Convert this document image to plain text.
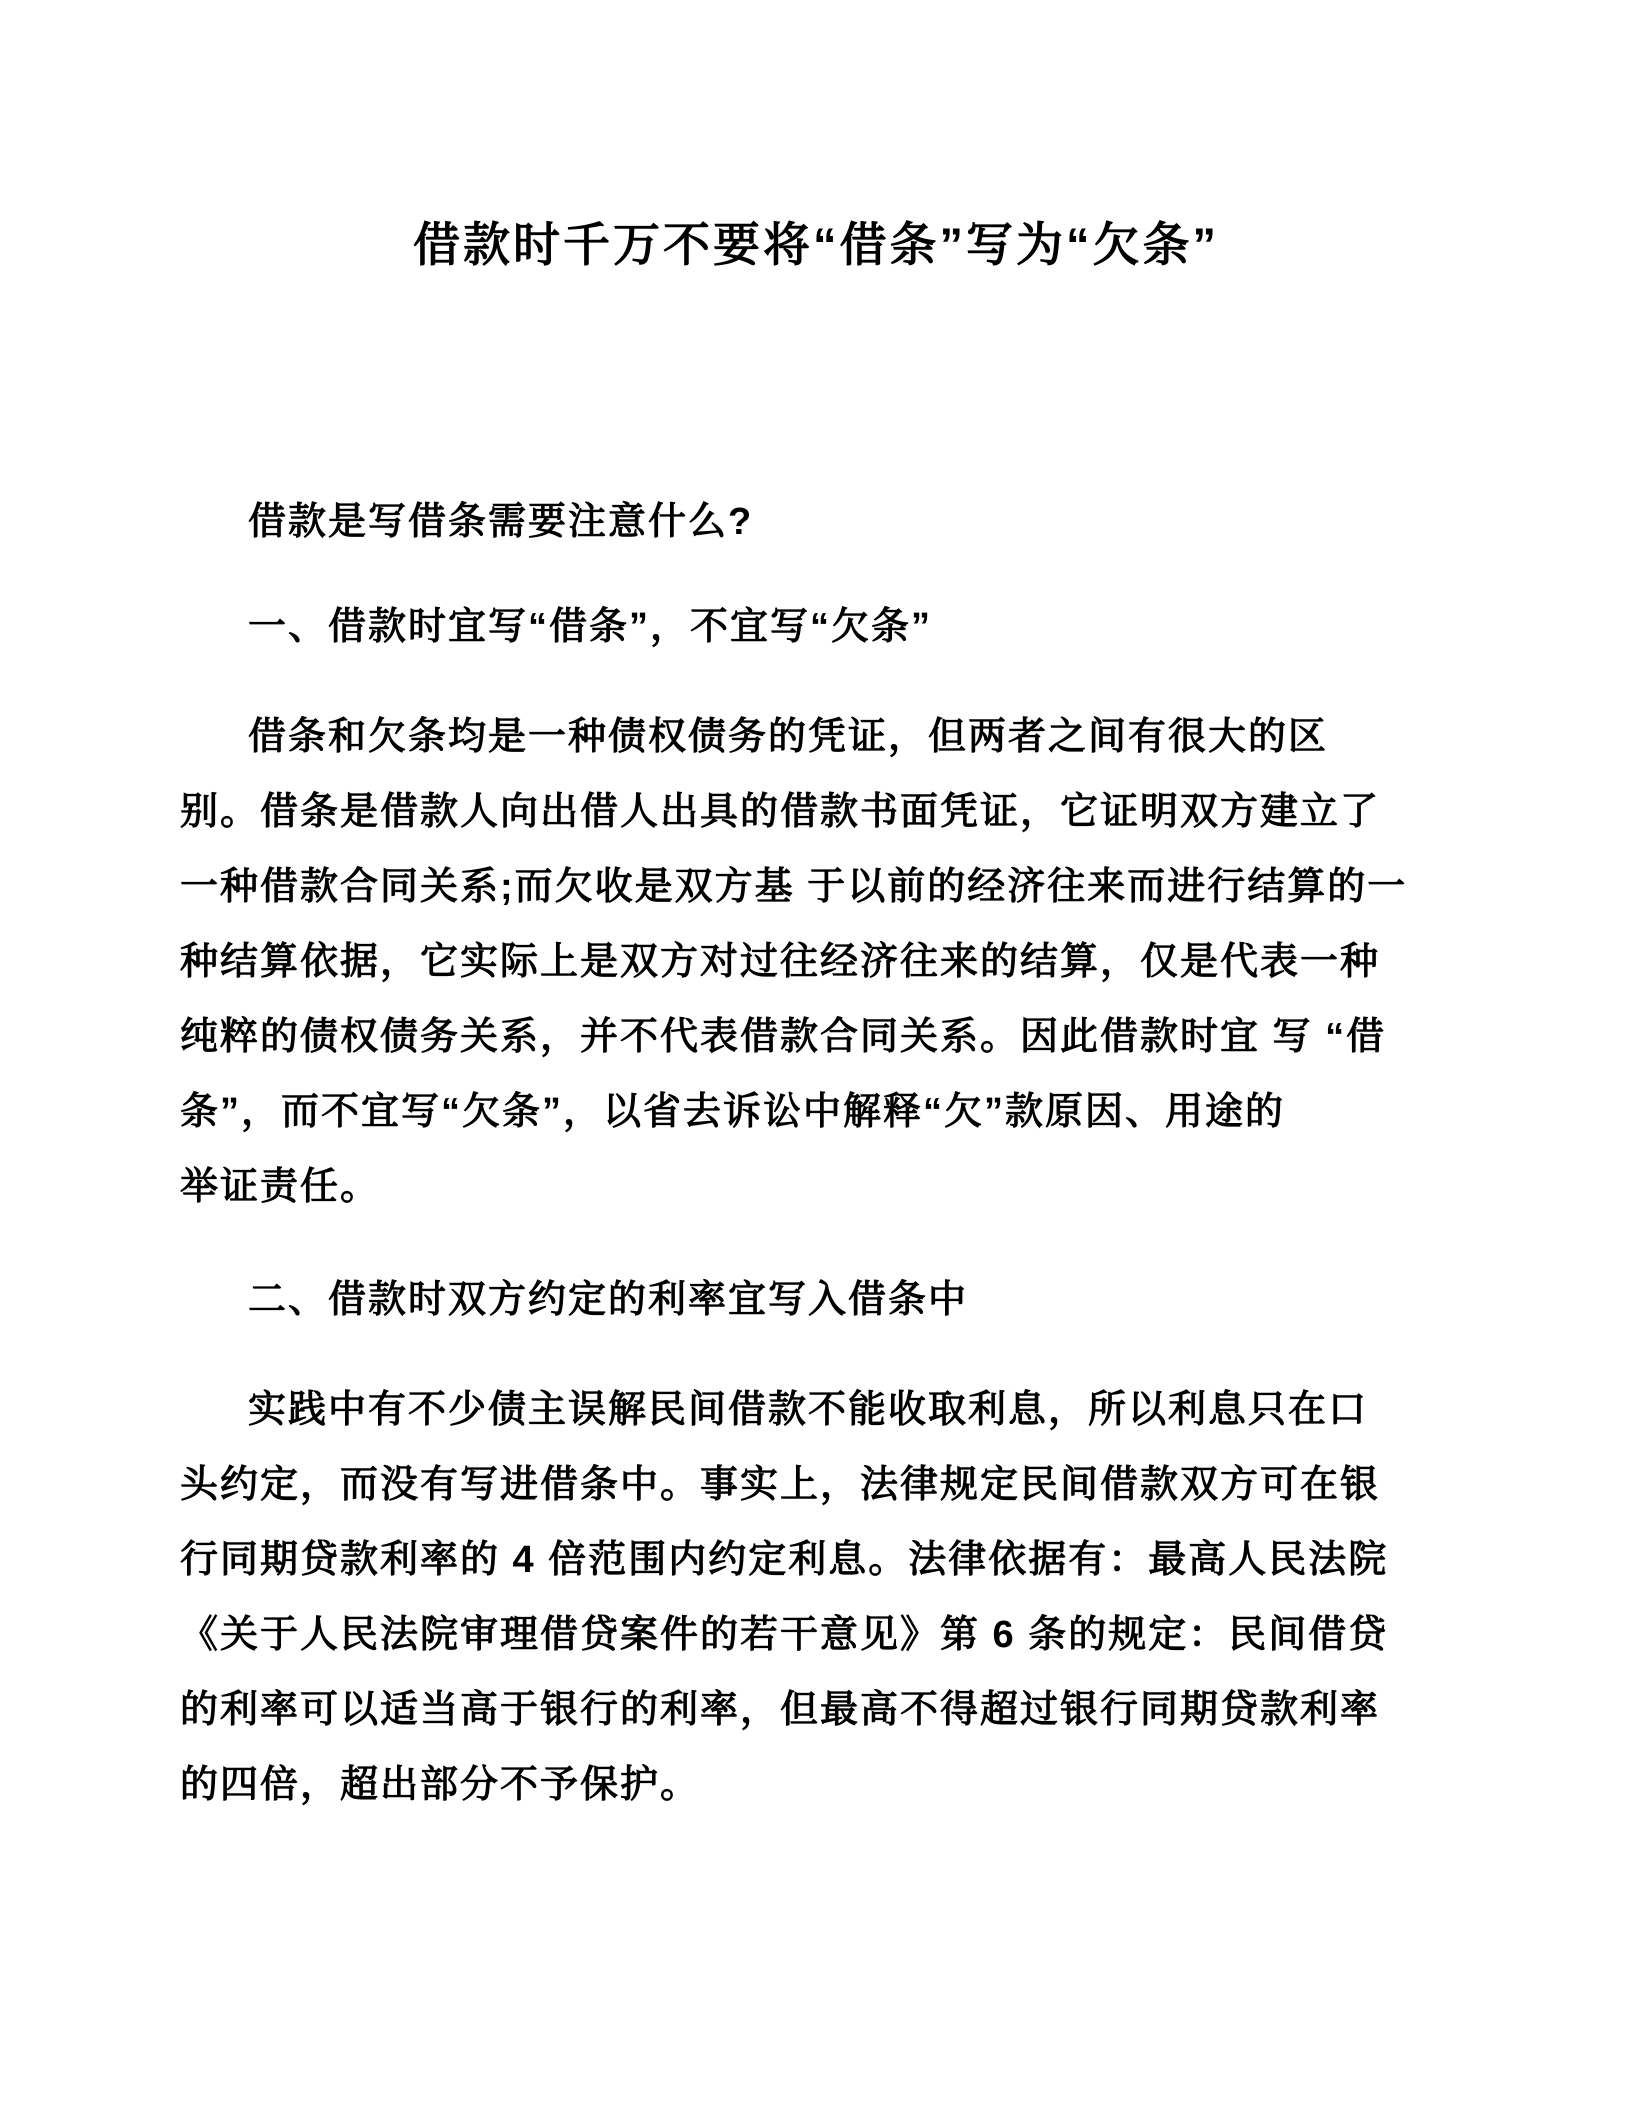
借款时千万不要将“借条”写为“欠条”

借款是写借条需要注意什么?

一、借款时宜写“借条”，不宜写“欠条”

借条和欠条均是一种债权债务的凭证，但两者之间有很大的区

别。借条是借款人向出借人出具的借款书面凭证，它证明双方建立了

一种借款合同关系;而欠收是双方基 于以前的经济往来而进行结算的一

种结算依据，它实际上是双方对过往经济往来的结算，仅是代表一种

纯粹的债权债务关系，并不代表借款合同关系。因此借款时宜 写 “借

条”，而不宜写“欠条”，以省去诉讼中解释“欠”款原因、用途的

举证责任。

二、借款时双方约定的利率宜写入借条中

实践中有不少债主误解民间借款不能收取利息，所以利息只在口

头约定，而没有写进借条中。事实上，法律规定民间借款双方可在银

行同期贷款利率的 4 倍范围内约定利息。法律依据有：最高人民法院

《关于人民法院审理借贷案件的若干意见》第 6 条的规定：民间借贷

的利率可以适当高于银行的利率，但最高不得超过银行同期贷款利率

的四倍，超出部分不予保护。
